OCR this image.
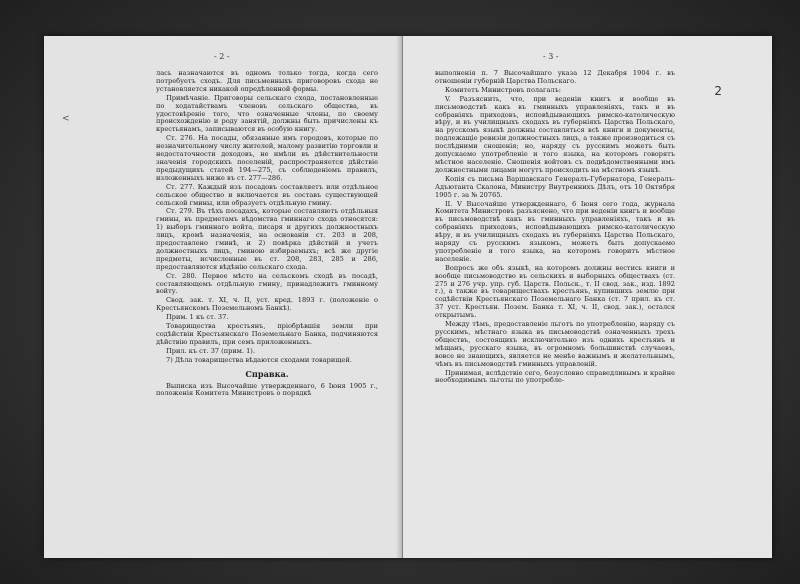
<
- 2 -

лась назначаются въ одномъ только тогда, когда сего потребуетъ сходъ. Для письменныхъ приговоровъ схода не установляется никакой опредѣленной формы.

Примѣчаніе. Приговоры сельскаго схода, постановленные по ходатайствамъ членовъ сельскаго общества, въ удостовѣреніе того, что означенные члены, по своему происхожденію и роду занятій, должны быть причислены къ крестьянамъ, записываются въ особую книгу.

Ст. 276. На посады, обязанные имъ городовъ, которые по незначительному числу жителей, малому развитію торговли и недостаточности доходовъ, не имѣли въ дѣйствительности значенія городскихъ поселеній, распространяется дѣйствіе предыдущихъ статей 194—275, съ соблюденіемъ правилъ, изложенныхъ ниже въ ст. 277—286.

Ст. 277. Каждый изъ посадовъ составляетъ или отдѣльное сельское общество и включается въ составъ существующей сельской гмины, или образуетъ отдѣльную гмину.

Ст. 279. Въ тѣхъ посадахъ, которые составляютъ отдѣльныя гмины, въ предметамъ вѣдомства гминнаго схода относятся: 1) выборъ гминнаго войта, писаря и другихъ должностныхъ лицъ, кромѣ назначенія, на основаніи ст. 203 и 208, предоставлено гминѣ, и 2) повѣрка дѣйствій и учетъ должностныхъ лицъ, гминою избираемыхъ; всѣ же другіе предметы, исчисленные въ ст. 208, 283, 285 и 286, предоставляются вѣдѣнію сельскаго схода.

Ст. 280. Первое мѣсто на сельскомъ сходѣ въ посадѣ, составляющемъ отдѣльную гмину, принадлежитъ гминному войту.

Свод. зак. т. XI, ч. II, уст. кред. 1893 г. (положеніе о Крестьянскомъ Поземельномъ Банкѣ).

Прим. 1 къ ст. 37.

Товарищества крестьянъ, пріобрѣвшія земли при содѣйствіи Крестьянскаго Поземельнаго Банка, подчиняются дѣйствію правилъ, при семъ приложенныхъ.

Прил. къ ст. 37 (прим. 1).

7) Дѣла товарищества вѣдаются сходами товарищей.

Справка.

Выписка изъ Высочайше утвержденнаго, 6 Іюня 1905 г., положенія Комитета Министровъ о порядкѣ

- 3 -
2

выполненія п. 7 Высочайшаго указа 12 Декабря 1904 г. въ отношеніи губерній Царства Польскаго.

Комитетъ Министровъ полагалъ:

V. Разъяснить, что, при веденіи книгъ и вообще въ письмоводствѣ какъ въ гминныхъ управленіяхъ, такъ и въ собраніяхъ приходовъ, исповѣдывающихъ римско-католическую вѣру, и въ училищныхъ сходахъ въ губерніяхъ Царства Польскаго, на русскомъ языкѣ должны составляться всѣ книги и документы, подлежащіе ревизіи должностныхъ лицъ, а также производиться съ послѣдними сношенія; но, наряду съ русскимъ можетъ быть допускаемо употребленіе и того языка, на которомъ говорятъ мѣстное населеніе. Сношенія войтовъ съ подвѣдомственными имъ должностными лицами могутъ происходить на мѣстномъ языкѣ.

Копія съ письма Варшавскаго Генералъ-Губернатора, Генералъ-Адъютанта Скалона, Министру Внутреннихъ Дѣлъ, отъ 10 Октября 1905 г. за № 20765.

II. V Высочайше утвержденнаго, 6 Іюня сего года, журнала Комитета Министровъ разъяснено, что при веденіи книгъ и вообще въ письмоводствѣ какъ въ гминныхъ управленіяхъ, такъ и въ собраніяхъ приходовъ, исповѣдывающихъ римско-католическую вѣру, и въ училищныхъ сходахъ въ губерніяхъ Царства Польскаго, наряду съ русскимъ языкомъ, можетъ быть допускаемо употребленіе и того языка, на которомъ говоритъ мѣстное населеніе.

Вопросъ же объ языкѣ, на которомъ должны вестись книги и вообще письмоводство въ сельскихъ и выборныхъ обществахъ (ст. 275 и 276 учр. упр. губ. Царств. Польск., т. II свод. зак., изд. 1892 г.), а также въ товариществахъ крестьянъ, купившихъ землю при содѣйствіи Крестьянскаго Поземельнаго Банка (ст. 7 прил. къ ст. 37 уст. Крестьян. Позем. Банка т. XI, ч. II, свод. зак.), остался открытымъ.

Между тѣмъ, предоставленіе льготъ по употребленію, наряду съ русскимъ, мѣстнаго языка въ письмоводствѣ означенныхъ трехъ обществъ, состоящихъ исключительно изъ однихъ крестьянъ и мѣщанъ, русскаго языка, въ огромномъ большинствѣ случаевъ, вовсе не знающихъ, является не менѣе важнымъ и желательнымъ, чѣмъ въ письмоводствѣ гминныхъ управленій.

Принимая, вслѣдствіе сего, безусловно справедливымъ и крайне необходимымъ льготы по употребле-
